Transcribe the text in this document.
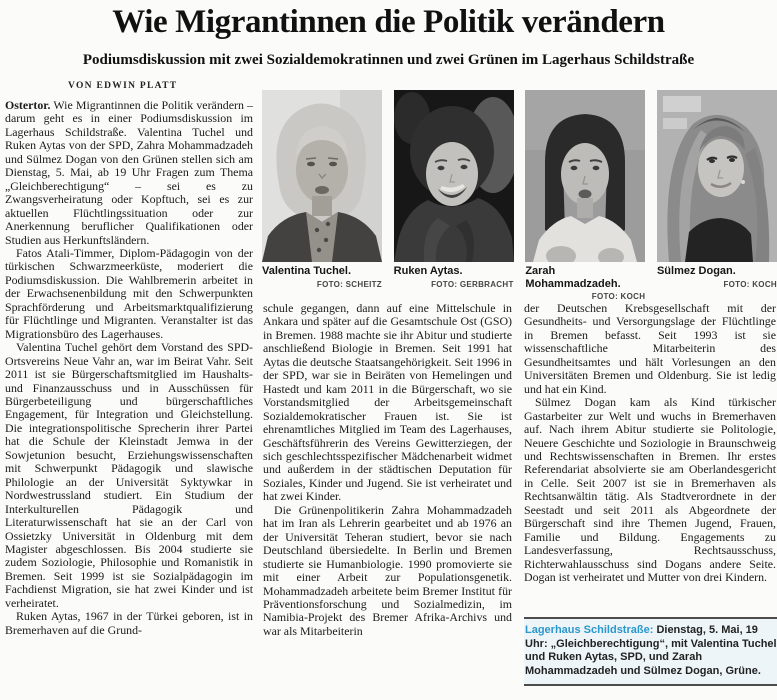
Wie Migrantinnen die Politik verändern
Podiumsdiskussion mit zwei Sozialdemokratinnen und zwei Grünen im Lagerhaus Schildstraße
VON EDWIN PLATT

Ostertor. Wie Migrantinnen die Politik verändern – darum geht es in einer Podiumsdiskussion im Lagerhaus Schildstraße. Valentina Tuchel und Ruken Aytas von der SPD, Zahra Mohammadzadeh und Sülmez Dogan von den Grünen stellen sich am Dienstag, 5. Mai, ab 19 Uhr Fragen zum Thema „Gleichberechtigung“ – sei es zu Zwangsverheiratung oder Kopftuch, sei es zur aktuellen Flüchtlingssituation oder zur Anerkennung beruflicher Qualifikationen oder Studien aus Herkunftsländern.

Fatos Atali-Timmer, Diplom-Pädagogin von der türkischen Schwarzmeerküste, moderiert die Podiumsdiskussion. Die Wahlbremerin arbeitet in der Erwachsenenbildung mit den Schwerpunkten Sprachförderung und Arbeitsmarktqualifizierung für Flüchtlinge und Migranten. Veranstalter ist das Migrationsbüro des Lagerhauses.

Valentina Tuchel gehört dem Vorstand des SPD-Ortsvereins Neue Vahr an, war im Beirat Vahr. Seit 2011 ist sie Bürgerschaftsmitglied im Haushalts- und Finanzausschuss und in Ausschüssen für Bürgerbeteiligung und bürgerschaftliches Engagement, für Integration und Gleichstellung. Die integrationspolitische Sprecherin ihrer Partei hat die Schule der Kleinstadt Jemwa in der Sowjetunion besucht, Erziehungswissenschaften mit Schwerpunkt Pädagogik und slawische Philologie an der Universität Syktywkar in Nordwestrussland studiert. Ein Studium der Interkulturellen Pädagogik und Literaturwissenschaft hat sie an der Carl von Ossietzky Universität in Oldenburg mit dem Magister abgeschlossen. Bis 2004 studierte sie zudem Soziologie, Philosophie und Romanistik in Bremen. Seit 1999 ist sie Sozialpädagogin im Fachdienst Migration, sie hat zwei Kinder und ist verheiratet.

Ruken Aytas, 1967 in der Türkei geboren, ist in Bremerhaven auf die Grund-

Valentina Tuchel.
FOTO: SCHEITZ
Ruken Aytas.
FOTO: GERBRACHT
Zarah Mohammadzadeh.
FOTO: KOCH
Sülmez Dogan.
FOTO: KOCH

schule gegangen, dann auf eine Mittelschule in Ankara und später auf die Gesamtschule Ost (GSO) in Bremen. 1988 machte sie ihr Abitur und studierte anschließend Biologie in Bremen. Seit 1991 hat Aytas die deutsche Staatsangehörigkeit. Seit 1996 in der SPD, war sie in Beiräten von Hemelingen und Hastedt und kam 2011 in die Bürgerschaft, wo sie Vorstandsmitglied der Arbeitsgemeinschaft Sozialdemokratischer Frauen ist. Sie ist ehrenamtliches Mitglied im Team des Lagerhauses, Geschäftsführerin des Vereins Gewitterziegen, der sich geschlechtsspezifischer Mädchenarbeit widmet und außerdem in der städtischen Deputation für Soziales, Kinder und Jugend. Sie ist verheiratet und hat zwei Kinder.

Die Grünenpolitikerin Zahra Mohammadzadeh hat im Iran als Lehrerin gearbeitet und ab 1976 an der Universität Teheran studiert, bevor sie nach Deutschland übersiedelte. In Berlin und Bremen studierte sie Humanbiologie. 1990 promovierte sie mit einer Arbeit zur Populationsgenetik. Mohammadzadeh arbeitete beim Bremer Institut für Präventionsforschung und Sozialmedizin, im Namibia-Projekt des Bremer Afrika-Archivs und war als Mitarbeiterin

der Deutschen Krebsgesellschaft mit der Gesundheits- und Versorgungslage der Flüchtlinge in Bremen befasst. Seit 1993 ist sie wissenschaftliche Mitarbeiterin des Gesundheitsamtes und hält Vorlesungen an den Universitäten Bremen und Oldenburg. Sie ist ledig und hat ein Kind.

Sülmez Dogan kam als Kind türkischer Gastarbeiter zur Welt und wuchs in Bremerhaven auf. Nach ihrem Abitur studierte sie Politologie, Neuere Geschichte und Soziologie in Braunschweig und Rechtswissenschaften in Bremen. Ihr erstes Referendariat absolvierte sie am Oberlandesgericht in Celle. Seit 2007 ist sie in Bremerhaven als Rechtsanwältin tätig. Als Stadtverordnete in der Seestadt und seit 2011 als Abgeordnete der Bürgerschaft sind ihre Themen Jugend, Frauen, Familie und Bildung. Engagements zu Landesverfassung, Rechtsausschuss, Richterwahlausschuss sind Dogans andere Seite. Dogan ist verheiratet und Mutter von drei Kindern.

Lagerhaus Schildstraße: Dienstag, 5. Mai, 19 Uhr: „Gleichberechtigung“, mit Valentina Tuchel und Ruken Aytas, SPD, und Zarah Mohammadzadeh und Sülmez Dogan, Grüne.
